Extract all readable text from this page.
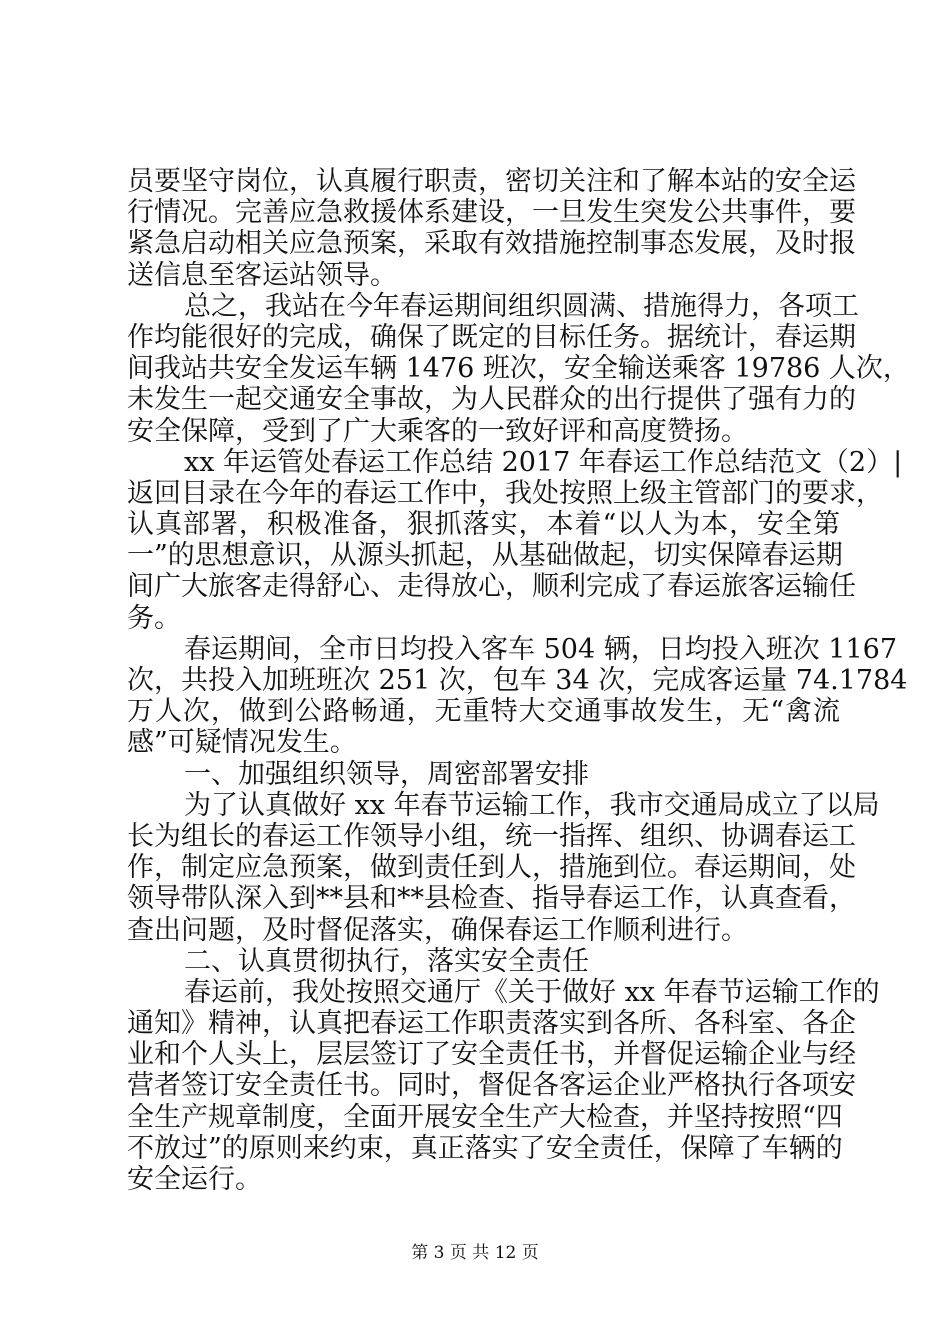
员要坚守岗位，认真履行职责，密切关注和了解本站的安全运
行情况。完善应急救援体系建设，一旦发生突发公共事件，要
紧急启动相关应急预案，采取有效措施控制事态发展，及时报
送信息至客运站领导。
总之，我站在今年春运期间组织圆满、措施得力，各项工
作均能很好的完成，确保了既定的目标任务。据统计，春运期
间我站共安全发运车辆 1476 班次，安全输送乘客 19786 人次，
未发生一起交通安全事故，为人民群众的出行提供了强有力的
安全保障，受到了广大乘客的一致好评和高度赞扬。
xx 年运管处春运工作总结 2017 年春运工作总结范文（2）|
返回目录在今年的春运工作中，我处按照上级主管部门的要求，
认真部署，积极准备，狠抓落实，本着“以人为本，安全第
一”的思想意识，从源头抓起，从基础做起，切实保障春运期
间广大旅客走得舒心、走得放心，顺利完成了春运旅客运输任
务。
春运期间，全市日均投入客车 504 辆，日均投入班次 1167
次，共投入加班班次 251 次，包车 34 次，完成客运量 74.1784
万人次，做到公路畅通，无重特大交通事故发生，无“禽流
感”可疑情况发生。
一、加强组织领导，周密部署安排
为了认真做好 xx 年春节运输工作，我市交通局成立了以局
长为组长的春运工作领导小组，统一指挥、组织、协调春运工
作，制定应急预案，做到责任到人，措施到位。春运期间，处
领导带队深入到**县和**县检查、指导春运工作，认真查看，
查出问题，及时督促落实，确保春运工作顺利进行。
二、认真贯彻执行，落实安全责任
春运前，我处按照交通厅《关于做好 xx 年春节运输工作的
通知》精神，认真把春运工作职责落实到各所、各科室、各企
业和个人头上，层层签订了安全责任书，并督促运输企业与经
营者签订安全责任书。同时，督促各客运企业严格执行各项安
全生产规章制度，全面开展安全生产大检查，并坚持按照“四
不放过”的原则来约束，真正落实了安全责任，保障了车辆的
安全运行。
第 3 页 共 12 页
